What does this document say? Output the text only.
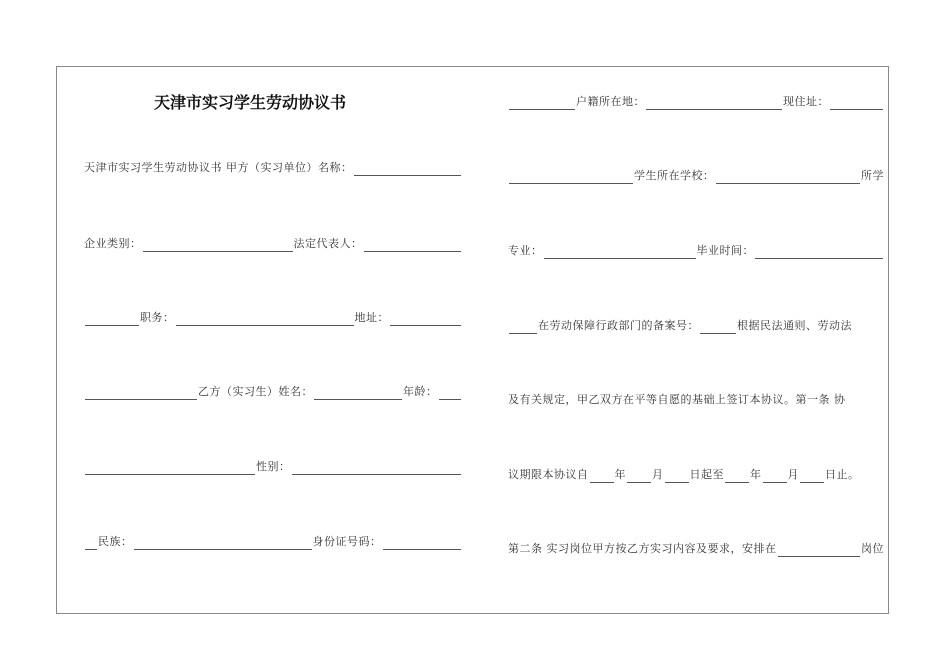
天津市实习学生劳动协议书
天津市实习学生劳动协议书 甲方（实习单位）名称：
企业类别：	法定代表人：
职务：	地址：
乙方（实习生）姓名：	年龄：
性别：
民族：	身份证号码：
户籍所在地：	现住址：
学生所在学校：	所学
专业：	毕业时间：
在劳动保障行政部门的备案号：	根据民法通则、劳动法
及有关规定，甲乙双方在平等自愿的基础上签订本协议。第一条 协
议期限本协议自 年 月 日起至 年 月 日止。
第二条 实习岗位甲方按乙方实习内容及要求，安排在	岗位
